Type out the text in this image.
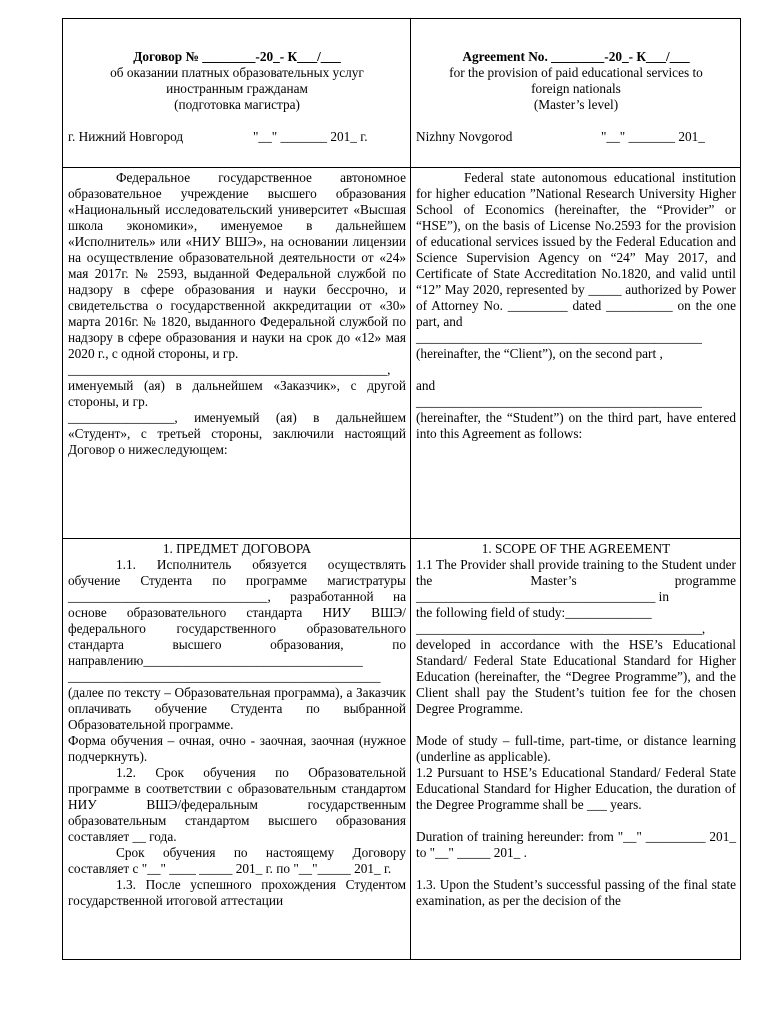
Договор № ________-20_- К___/___

об оказании платных образовательных услуг

иностранным гражданам

(подготовка магистра)

г. Нижний Новгород	"__" _______ 201_ г.

Agreement No. ________-20_- К___/___

for the provision of paid educational services to

foreign nationals

(Master’s level)

Nizhny Novgorod	"__" _______ 201_

Федеральное государственное автономное образовательное учреждение высшего образования «Национальный исследовательский университет «Высшая школа экономики», именуемое в дальнейшем «Исполнитель» или «НИУ ВШЭ», на основании лицензии на осуществление образовательной деятельности от «24» мая 2017г. № 2593, выданной Федеральной службой по надзору в сфере образования и науки бессрочно, и свидетельства о государственной аккредитации от «30» марта 2016г. № 1820, выданного Федеральной службой по надзору в сфере образования и науки на срок до «12» мая 2020 г., с одной стороны, и гр.

________________________________________________, именуемый (ая) в дальнейшем «Заказчик», с другой стороны, и гр.

________________, именуемый (ая) в дальнейшем «Студент», с третьей стороны, заключили настоящий Договор о нижеследующем:

Federal state autonomous educational institution for higher education ”National Research University Higher School of Economics (hereinafter, the “Provider” or “HSE”), on the basis of License No.2593 for the provision of educational services issued by the Federal Education and Science Supervision Agency on “24” May 2017, and Certificate of State Accreditation No.1820, and valid until “12” May 2020, represented by _____ authorized by Power of Attorney No. _________ dated __________ on the one part, and

___________________________________________

(hereinafter, the “Client”), on the second part ,

and

___________________________________________

(hereinafter, the “Student”) on the third part, have entered into this Agreement as follows:

1. ПРЕДМЕТ ДОГОВОРА

1.1. Исполнитель обязуется осуществлять обучение Студента по программе магистратуры ______________________________, разработанной на основе образовательного стандарта НИУ ВШЭ/федерального государственного образовательного стандарта высшего образования, по направлению_________________________________

_______________________________________________

(далее по тексту – Образовательная программа), а Заказчик оплачивать обучение Студента по выбранной Образовательной программе.

Форма обучения – очная, очно - заочная, заочная (нужное подчеркнуть).

1.2. Срок обучения по Образовательной программе в соответствии с образовательным стандартом НИУ ВШЭ/федеральным государственным образовательным стандартом высшего образования составляет __ года.

Срок обучения по настоящему Договору составляет с "__" ____ _____ 201_ г. по "__"_____ 201_ г.

1.3. После успешного прохождения Студентом государственной итоговой аттестации

1. SCOPE OF THE AGREEMENT

1.1 The Provider shall provide training to the Student under the Master’s programme ____________________________________ in

the following field of study:_____________

___________________________________________,

developed in accordance with the HSE’s Educational Standard/ Federal State Educational Standard for Higher Education (hereinafter, the “Degree Programme”), and the Client shall pay the Student’s tuition fee for the chosen Degree Programme.

Mode of study – full-time, part-time, or distance learning (underline as applicable).

1.2 Pursuant to HSE’s Educational Standard/ Federal State Educational Standard for Higher Education, the duration of the Degree Programme shall be ___ years.

Duration of training hereunder: from "__" _________ 201_ to "__" _____ 201_ .

1.3. Upon the Student’s successful passing of the final state examination, as per the decision of the
